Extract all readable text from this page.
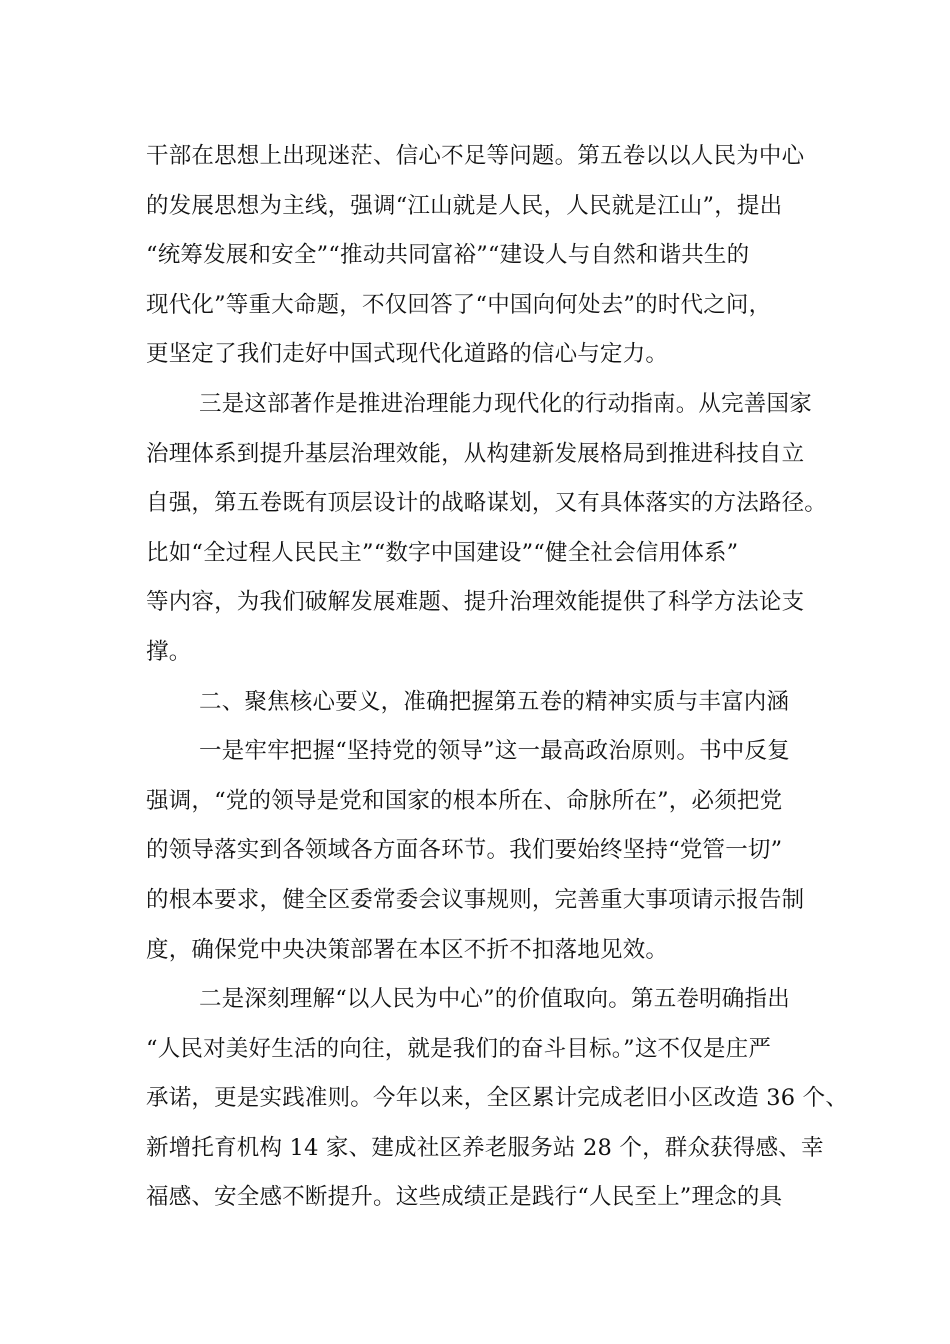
干部在思想上出现迷茫、信心不足等问题。第五卷以以人民为中心
的发展思想为主线，强调“江山就是人民，人民就是江山”，提出
“统筹发展和安全”“推动共同富裕”“建设人与自然和谐共生的
现代化”等重大命题，不仅回答了“中国向何处去”的时代之问，
更坚定了我们走好中国式现代化道路的信心与定力。
三是这部著作是推进治理能力现代化的行动指南。从完善国家
治理体系到提升基层治理效能，从构建新发展格局到推进科技自立
自强，第五卷既有顶层设计的战略谋划，又有具体落实的方法路径。
比如“全过程人民民主”“数字中国建设”“健全社会信用体系”
等内容，为我们破解发展难题、提升治理效能提供了科学方法论支
撑。
二、聚焦核心要义，准确把握第五卷的精神实质与丰富内涵
一是牢牢把握“坚持党的领导”这一最高政治原则。书中反复
强调，“党的领导是党和国家的根本所在、命脉所在”，必须把党
的领导落实到各领域各方面各环节。我们要始终坚持“党管一切”
的根本要求，健全区委常委会议事规则，完善重大事项请示报告制
度，确保党中央决策部署在本区不折不扣落地见效。
二是深刻理解“以人民为中心”的价值取向。第五卷明确指出
“人民对美好生活的向往，就是我们的奋斗目标。”这不仅是庄严
承诺，更是实践准则。今年以来，全区累计完成老旧小区改造 36 个、
新增托育机构 14 家、建成社区养老服务站 28 个，群众获得感、幸
福感、安全感不断提升。这些成绩正是践行“人民至上”理念的具
